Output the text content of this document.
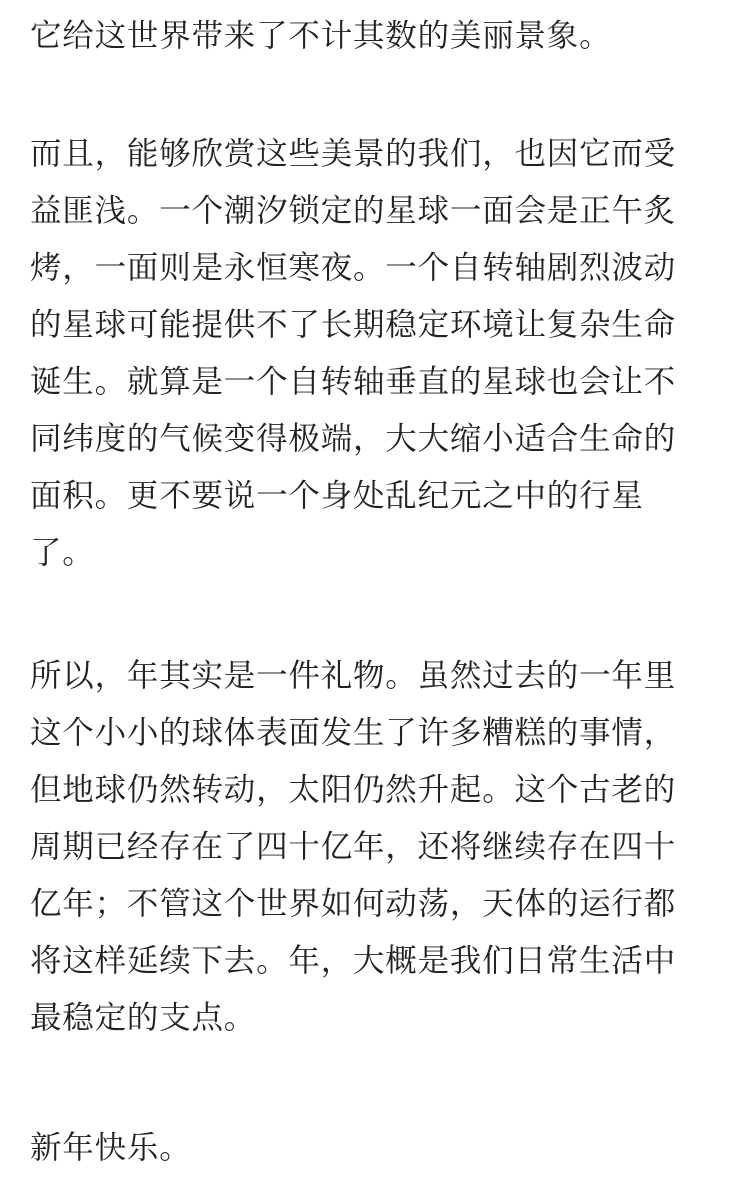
它给这世界带来了不计其数的美丽景象。
而且，能够欣赏这些美景的我们，也因它而受
益匪浅。一个潮汐锁定的星球一面会是正午炙
烤，一面则是永恒寒夜。一个自转轴剧烈波动
的星球可能提供不了长期稳定环境让复杂生命
诞生。就算是一个自转轴垂直的星球也会让不
同纬度的气候变得极端，大大缩小适合生命的
面积。更不要说一个身处乱纪元之中的行星
了。
所以，年其实是一件礼物。虽然过去的一年里
这个小小的球体表面发生了许多糟糕的事情，
但地球仍然转动，太阳仍然升起。这个古老的
周期已经存在了四十亿年，还将继续存在四十
亿年；不管这个世界如何动荡，天体的运行都
将这样延续下去。年，大概是我们日常生活中
最稳定的支点。
新年快乐。
